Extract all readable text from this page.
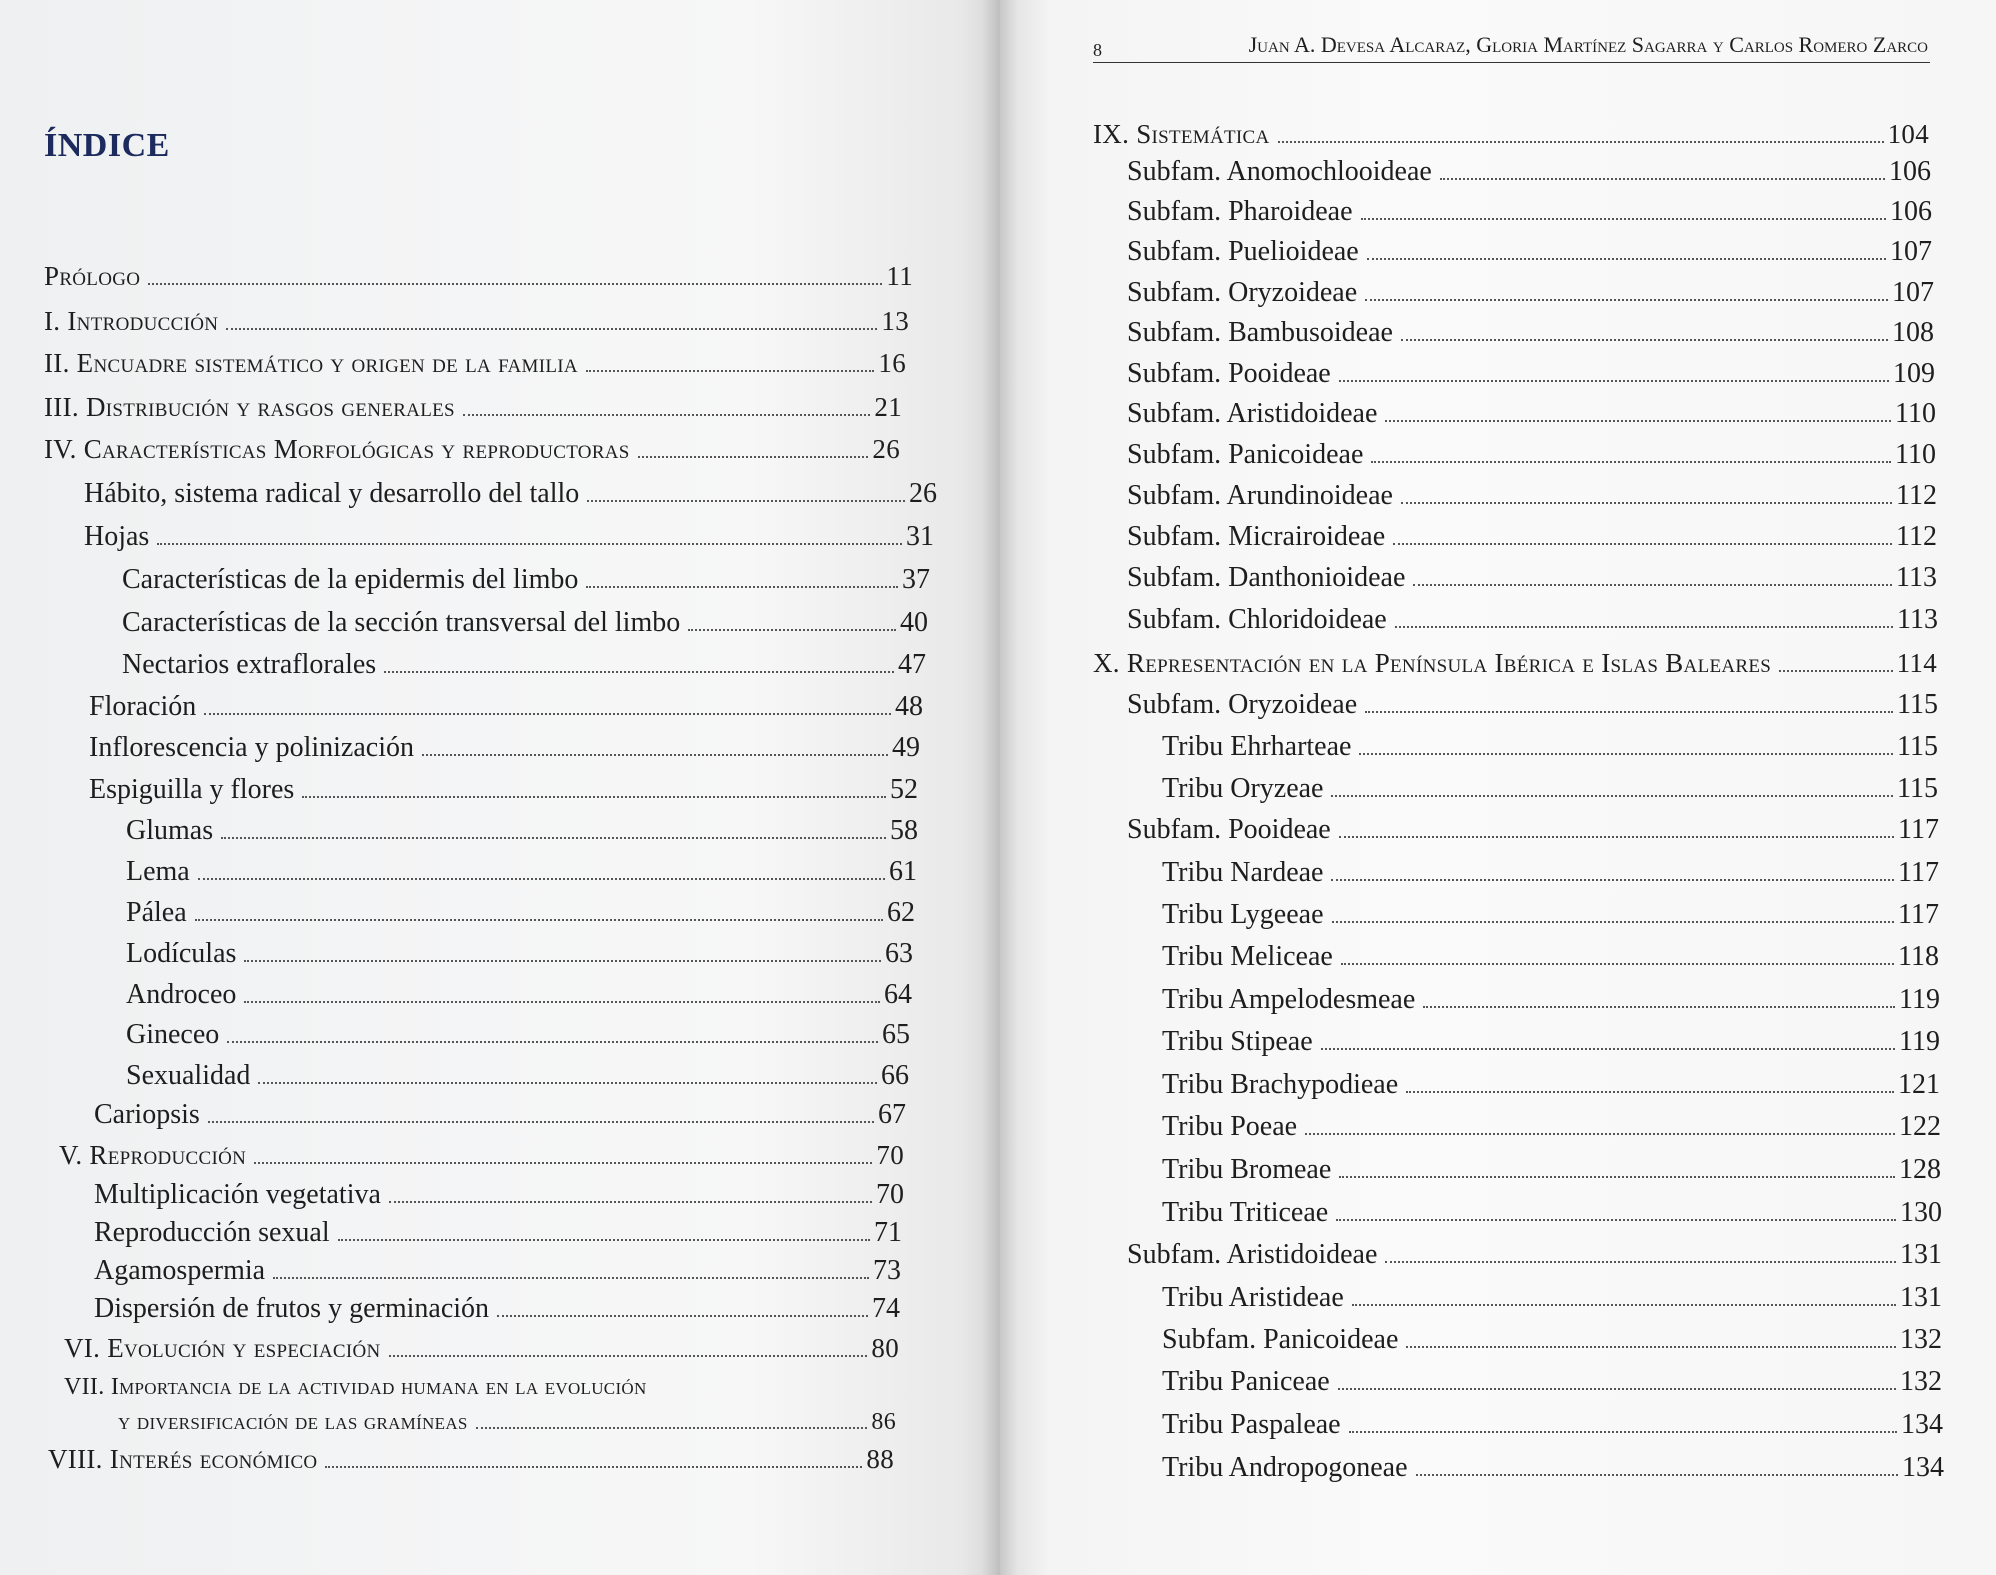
ÍNDICE
Prólogo	11
I. Introducción	13
II. Encuadre sistemático y origen de la familia	16
III. Distribución y rasgos generales	21
IV. Características Morfológicas y reproductoras	26
Hábito, sistema radical y desarrollo del tallo	26
Hojas	31
Características de la epidermis del limbo	37
Características de la sección transversal del limbo	40
Nectarios extraflorales	47
Floración	48
Inflorescencia y polinización	49
Espiguilla y flores	52
Glumas	58
Lema	61
Pálea	62
Lodículas	63
Androceo	64
Gineceo	65
Sexualidad	66
Cariopsis	67
V. Reproducción	70
Multiplicación vegetativa	70
Reproducción sexual	71
Agamospermia	73
Dispersión de frutos y germinación	74
VI. Evolución y especiación	80
VII. Importancia de la actividad humana en la evolución
y diversificación de las gramíneas	86
VIII. Interés económico	88
8	Juan A. Devesa Alcaraz, Gloria Martínez Sagarra y Carlos Romero Zarco
IX. Sistemática	104
Subfam. Anomochlooideae	106
Subfam. Pharoideae	106
Subfam. Puelioideae	107
Subfam. Oryzoideae	107
Subfam. Bambusoideae	108
Subfam. Pooideae	109
Subfam. Aristidoideae	110
Subfam. Panicoideae	110
Subfam. Arundinoideae	112
Subfam. Micrairoideae	112
Subfam. Danthonioideae	113
Subfam. Chloridoideae	113
X. Representación en la Península Ibérica e Islas Baleares	114
Subfam. Oryzoideae	115
Tribu Ehrharteae	115
Tribu Oryzeae	115
Subfam. Pooideae	117
Tribu Nardeae	117
Tribu Lygeeae	117
Tribu Meliceae	118
Tribu Ampelodesmeae	119
Tribu Stipeae	119
Tribu Brachypodieae	121
Tribu Poeae	122
Tribu Bromeae	128
Tribu Triticeae	130
Subfam. Aristidoideae	131
Tribu Aristideae	131
Subfam. Panicoideae	132
Tribu Paniceae	132
Tribu Paspaleae	134
Tribu Andropogoneae	134
